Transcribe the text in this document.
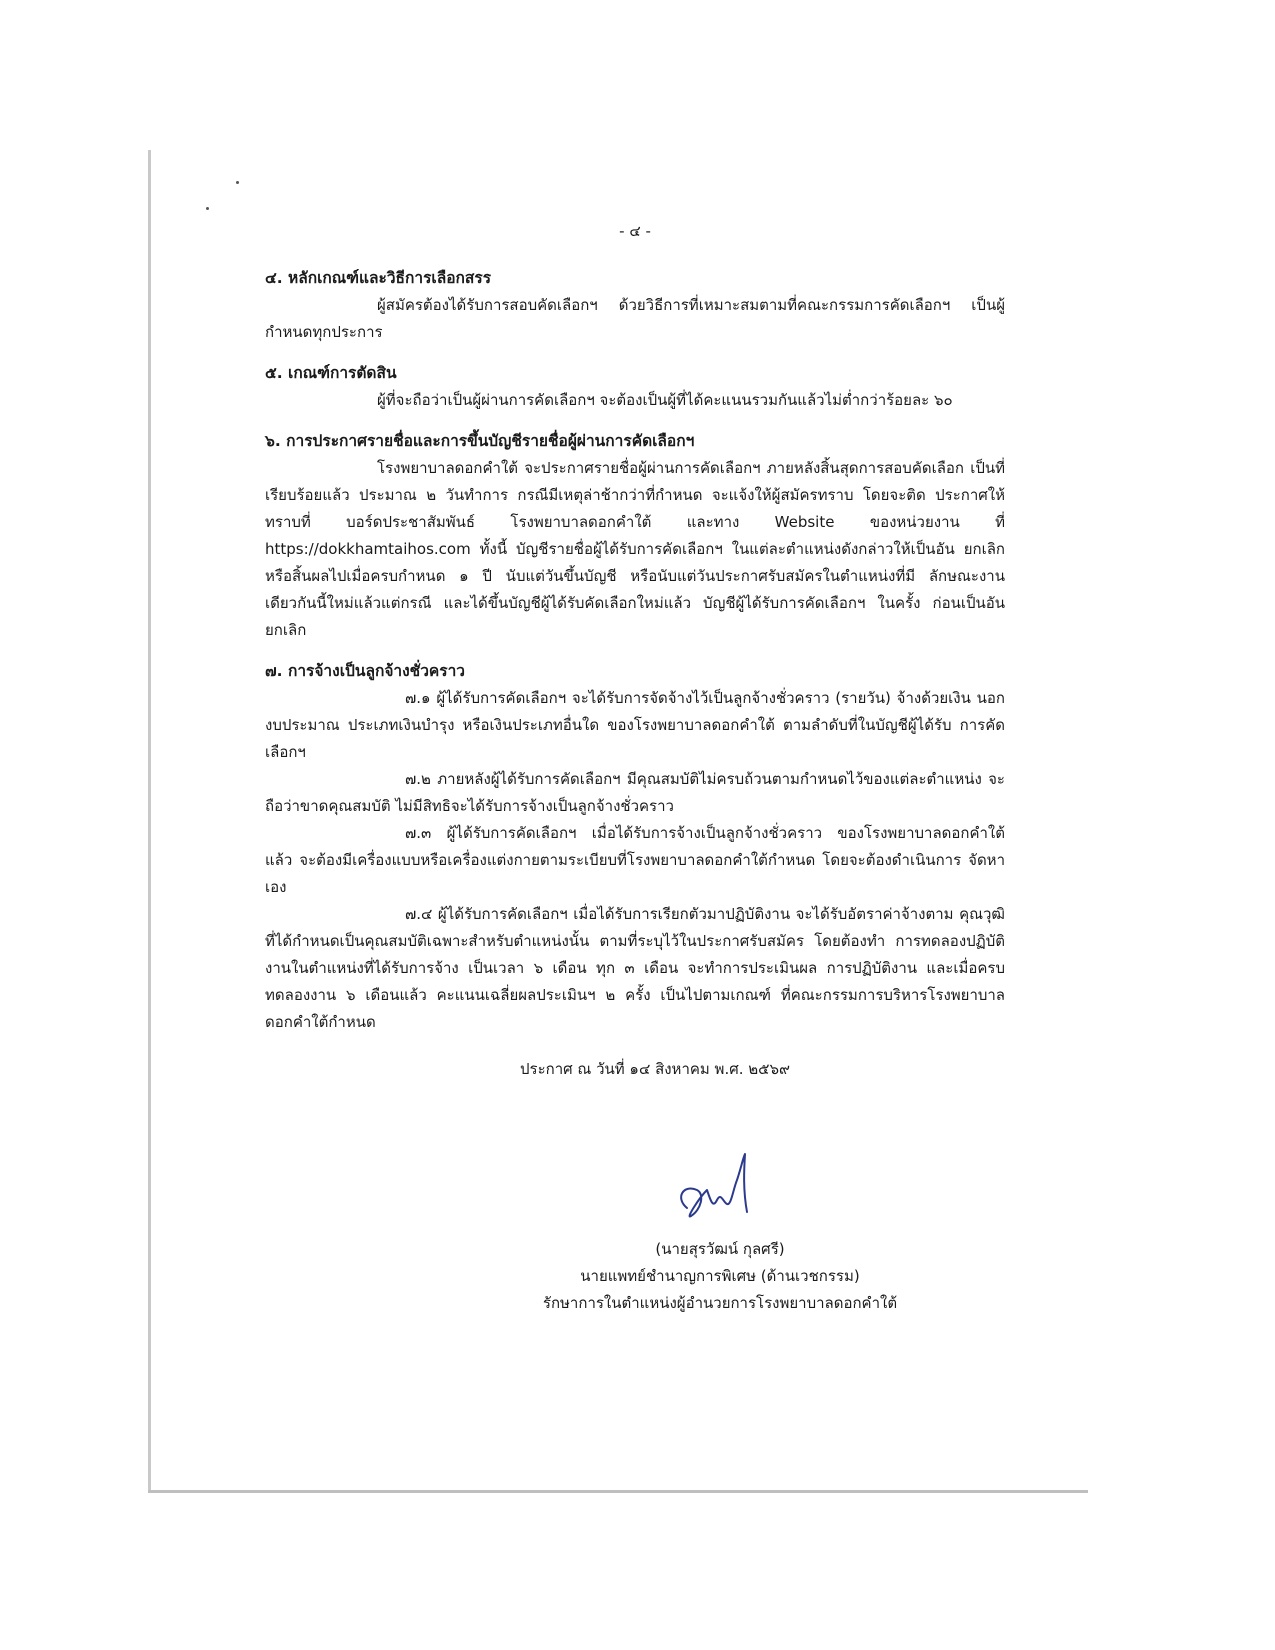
- ๔ -

๔. หลักเกณฑ์และวิธีการเลือกสรร

ผู้สมัครต้องได้รับการสอบคัดเลือกฯ ด้วยวิธีการที่เหมาะสมตามที่คณะกรรมการคัดเลือกฯ เป็นผู้กำหนดทุกประการ

๕. เกณฑ์การตัดสิน

ผู้ที่จะถือว่าเป็นผู้ผ่านการคัดเลือกฯ จะต้องเป็นผู้ที่ได้คะแนนรวมกันแล้วไม่ต่ำกว่าร้อยละ ๖๐

๖. การประกาศรายชื่อและการขึ้นบัญชีรายชื่อผู้ผ่านการคัดเลือกฯ

โรงพยาบาลดอกคำใต้ จะประกาศรายชื่อผู้ผ่านการคัดเลือกฯ ภายหลังสิ้นสุดการสอบคัดเลือก เป็นที่เรียบร้อยแล้ว ประมาณ ๒ วันทำการ กรณีมีเหตุล่าช้ากว่าที่กำหนด จะแจ้งให้ผู้สมัครทราบ โดยจะติด ประกาศให้ทราบที่ บอร์ดประชาสัมพันธ์ โรงพยาบาลดอกคำใต้ และทาง Website ของหน่วยงาน ที่ https://dokkhamtaihos.com ทั้งนี้ บัญชีรายชื่อผู้ได้รับการคัดเลือกฯ ในแต่ละตำแหน่งดังกล่าวให้เป็นอัน ยกเลิกหรือสิ้นผลไปเมื่อครบกำหนด ๑ ปี นับแต่วันขึ้นบัญชี หรือนับแต่วันประกาศรับสมัครในตำแหน่งที่มี ลักษณะงานเดียวกันนี้ใหม่แล้วแต่กรณี และได้ขึ้นบัญชีผู้ได้รับคัดเลือกใหม่แล้ว บัญชีผู้ได้รับการคัดเลือกฯ ในครั้ง ก่อนเป็นอันยกเลิก

๗. การจ้างเป็นลูกจ้างชั่วคราว

๗.๑ ผู้ได้รับการคัดเลือกฯ จะได้รับการจัดจ้างไว้เป็นลูกจ้างชั่วคราว (รายวัน) จ้างด้วยเงิน นอกงบประมาณ ประเภทเงินบำรุง หรือเงินประเภทอื่นใด ของโรงพยาบาลดอกคำใต้ ตามลำดับที่ในบัญชีผู้ได้รับ การคัดเลือกฯ

๗.๒ ภายหลังผู้ได้รับการคัดเลือกฯ มีคุณสมบัติไม่ครบถ้วนตามกำหนดไว้ของแต่ละตำแหน่ง จะถือว่าขาดคุณสมบัติ ไม่มีสิทธิจะได้รับการจ้างเป็นลูกจ้างชั่วคราว

๗.๓ ผู้ได้รับการคัดเลือกฯ เมื่อได้รับการจ้างเป็นลูกจ้างชั่วคราว ของโรงพยาบาลดอกคำใต้ แล้ว จะต้องมีเครื่องแบบหรือเครื่องแต่งกายตามระเบียบที่โรงพยาบาลดอกคำใต้กำหนด โดยจะต้องดำเนินการ จัดหาเอง

๗.๔ ผู้ได้รับการคัดเลือกฯ เมื่อได้รับการเรียกตัวมาปฏิบัติงาน จะได้รับอัตราค่าจ้างตาม คุณวุฒิที่ได้กำหนดเป็นคุณสมบัติเฉพาะสำหรับตำแหน่งนั้น ตามที่ระบุไว้ในประกาศรับสมัคร โดยต้องทำ การทดลองปฏิบัติงานในตำแหน่งที่ได้รับการจ้าง เป็นเวลา ๖ เดือน ทุก ๓ เดือน จะทำการประเมินผล การปฏิบัติงาน และเมื่อครบทดลองงาน ๖ เดือนแล้ว คะแนนเฉลี่ยผลประเมินฯ ๒ ครั้ง เป็นไปตามเกณฑ์ ที่คณะกรรมการบริหารโรงพยาบาลดอกคำใต้กำหนด

ประกาศ ณ วันที่ ๑๔ สิงหาคม พ.ศ. ๒๕๖๙

(นายสุรวัฒน์ กุลศรี)

นายแพทย์ชำนาญการพิเศษ (ด้านเวชกรรม)

รักษาการในตำแหน่งผู้อำนวยการโรงพยาบาลดอกคำใต้
